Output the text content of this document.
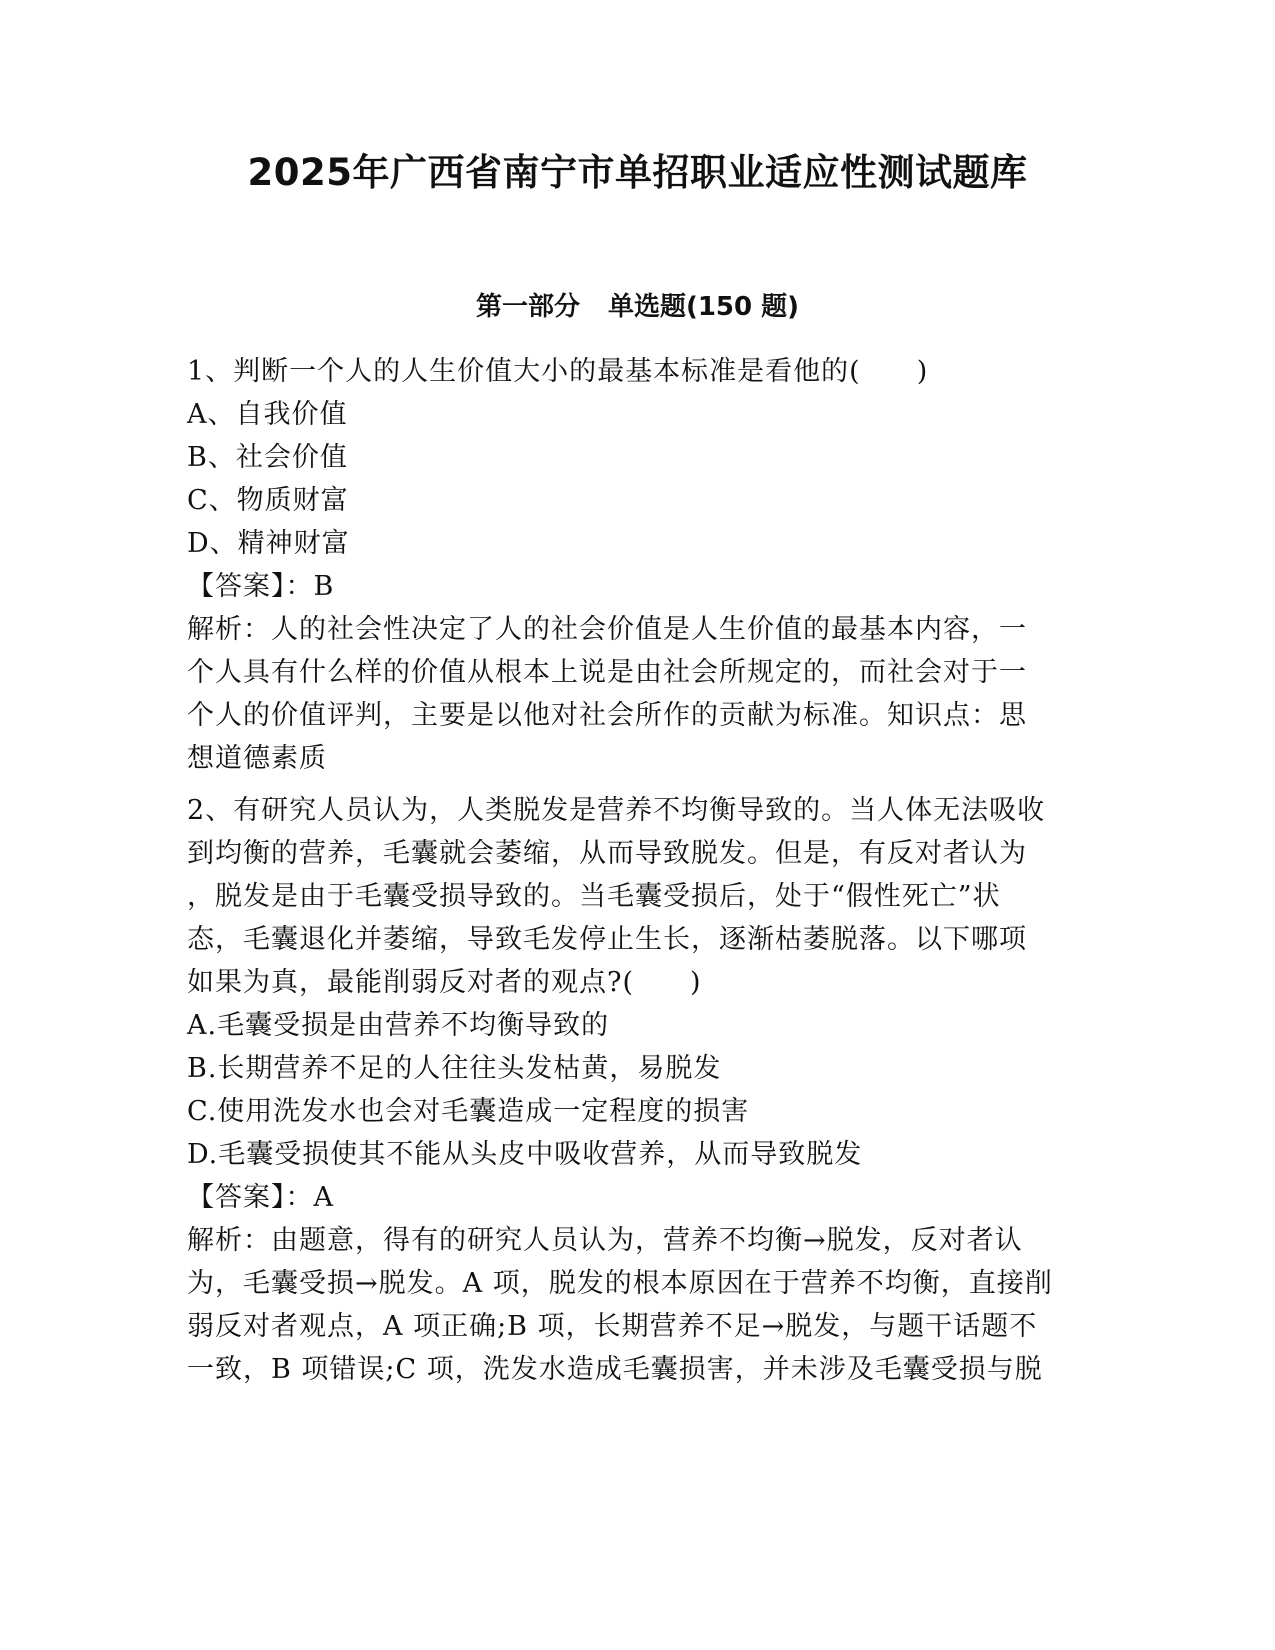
2025年广西省南宁市单招职业适应性测试题库
第一部分 单选题(150 题)
1、判断一个人的人生价值大小的最基本标准是看他的(　　)
A、自我价值
B、社会价值
C、物质财富
D、精神财富
【答案】：B
解析：人的社会性决定了人的社会价值是人生价值的最基本内容，一
个人具有什么样的价值从根本上说是由社会所规定的，而社会对于一
个人的价值评判，主要是以他对社会所作的贡献为标准。知识点：思
想道德素质
2、有研究人员认为，人类脱发是营养不均衡导致的。当人体无法吸收
到均衡的营养，毛囊就会萎缩，从而导致脱发。但是，有反对者认为
，脱发是由于毛囊受损导致的。当毛囊受损后，处于“假性死亡”状
态，毛囊退化并萎缩，导致毛发停止生长，逐渐枯萎脱落。以下哪项
如果为真，最能削弱反对者的观点?(　　)
A.毛囊受损是由营养不均衡导致的
B.长期营养不足的人往往头发枯黄，易脱发
C.使用洗发水也会对毛囊造成一定程度的损害
D.毛囊受损使其不能从头皮中吸收营养，从而导致脱发
【答案】：A
解析：由题意，得有的研究人员认为，营养不均衡→脱发，反对者认
为，毛囊受损→脱发。A 项，脱发的根本原因在于营养不均衡，直接削
弱反对者观点，A 项正确;B 项，长期营养不足→脱发，与题干话题不
一致，B 项错误;C 项，洗发水造成毛囊损害，并未涉及毛囊受损与脱
